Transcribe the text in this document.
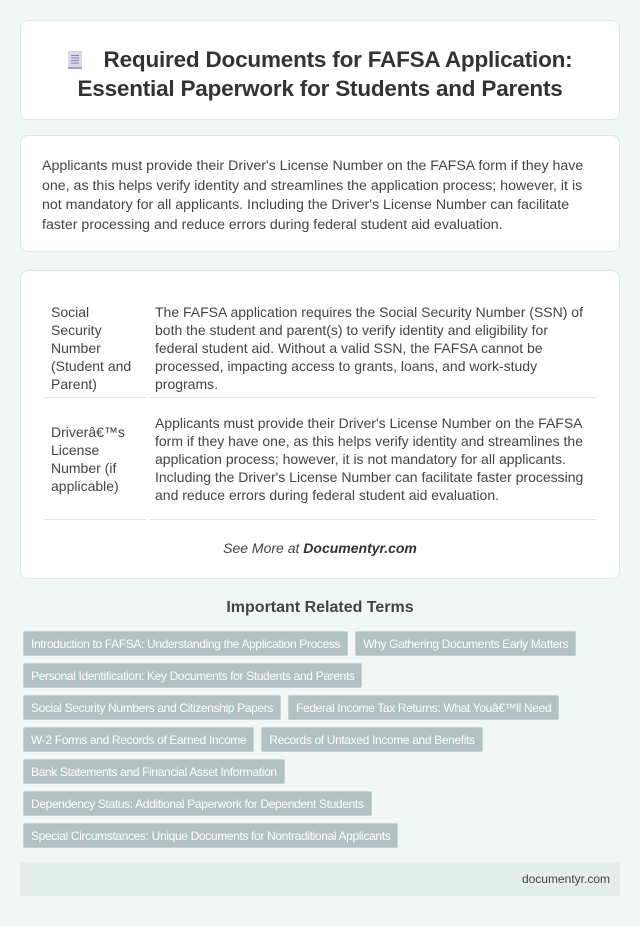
Required Documents for FAFSA Application: Essential Paperwork for Students and Parents

Applicants must provide their Driver's License Number on the FAFSA form if they have one, as this helps verify identity and streamlines the application process; however, it is not mandatory for all applicants. Including the Driver's License Number can facilitate faster processing and reduce errors during federal student aid evaluation.

Social Security Number (Student and Parent)	The FAFSA application requires the Social Security Number (SSN) of both the student and parent(s) to verify identity and eligibility for federal student aid. Without a valid SSN, the FAFSA cannot be processed, impacting access to grants, loans, and work-study programs.
Driverâ€™s License Number (if applicable)	Applicants must provide their Driver's License Number on the FAFSA form if they have one, as this helps verify identity and streamlines the application process; however, it is not mandatory for all applicants. Including the Driver's License Number can facilitate faster processing and reduce errors during federal student aid evaluation.
See More at Documentyr.com
Important Related Terms
Introduction to FAFSA: Understanding the Application Process	Why Gathering Documents Early Matters
Personal Identification: Key Documents for Students and Parents
Social Security Numbers and Citizenship Papers	Federal Income Tax Returns: What Youâ€™ll Need
W-2 Forms and Records of Earned Income	Records of Untaxed Income and Benefits
Bank Statements and Financial Asset Information
Dependency Status: Additional Paperwork for Dependent Students
Special Circumstances: Unique Documents for Nontraditional Applicants
documentyr.com
